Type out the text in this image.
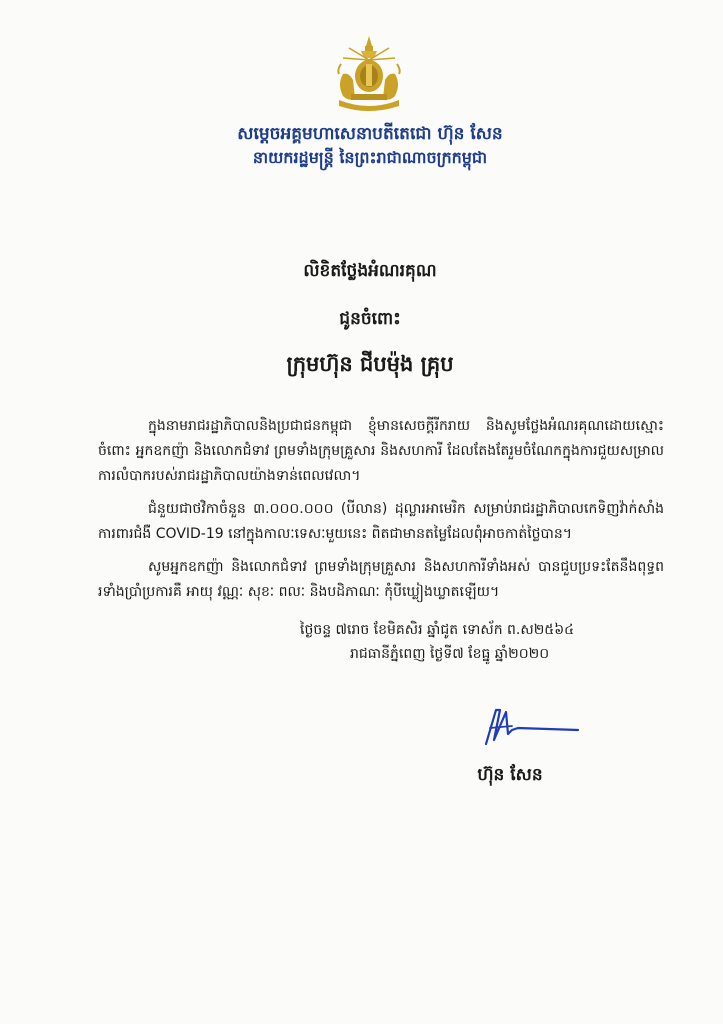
សម្តេចអគ្គមហាសេនាបតីតេជោ ហ៊ុន សែន
នាយករដ្ឋមន្ត្រី នៃព្រះរាជាណាចក្រកម្ពុជា
លិខិតថ្លែងអំណរគុណ
ជូនចំពោះ
ក្រុមហ៊ុន ជីបម៉ុង គ្រុប

ក្នុងនាមរាជរដ្ឋាភិបាលនិងប្រជាជនកម្ពុជា ខ្ញុំមានសេចក្តីរីករាយ និងសូមថ្លែងអំណរគុណដោយស្មោះចំពោះ អ្នកឧកញ៉ា និងលោកជំទាវ ព្រមទាំងក្រុមគ្រួសារ និងសហការី ដែលតែងតែរួមចំណែកក្នុងការជួយសម្រាលការលំបាករបស់រាជរដ្ឋាភិបាលយ៉ាងទាន់ពេលវេលា។

ជំនួយជាថវិកាចំនួន ៣.០០០.០០០ (បីលាន) ដុល្លារអាមេរិក សម្រាប់រាជរដ្ឋាភិបាលកេទិញវ៉ាក់សាំងការពារជំងឺ COVID-19 នៅក្នុងកាលៈទេសៈមួយនេះ ពិតជាមានតម្លៃដែលពុំអាចកាត់ថ្លៃបាន។

សូមអ្នកឧកញ៉ា និងលោកជំទាវ ព្រមទាំងក្រុមគ្រួសារ និងសហការីទាំងអស់ បានជួបប្រទះតែនឹងពុទ្ធពរទាំងប្រាំប្រការគឺ អាយុ វណ្ណៈ សុខៈ ពលៈ និងបដិភាណៈ កុំបីឃ្លៀងឃ្លាតឡើយ។

ថ្ងៃចន្ទ ៧រោច ខែមិគសិរ ឆ្នាំជូត ទោស័ក ព.ស២៥៦៤
រាជធានីភ្នំពេញ ថ្ងៃទី៧ ខែធ្នូ ឆ្នាំ២០២០
ហ៊ុន សែន
